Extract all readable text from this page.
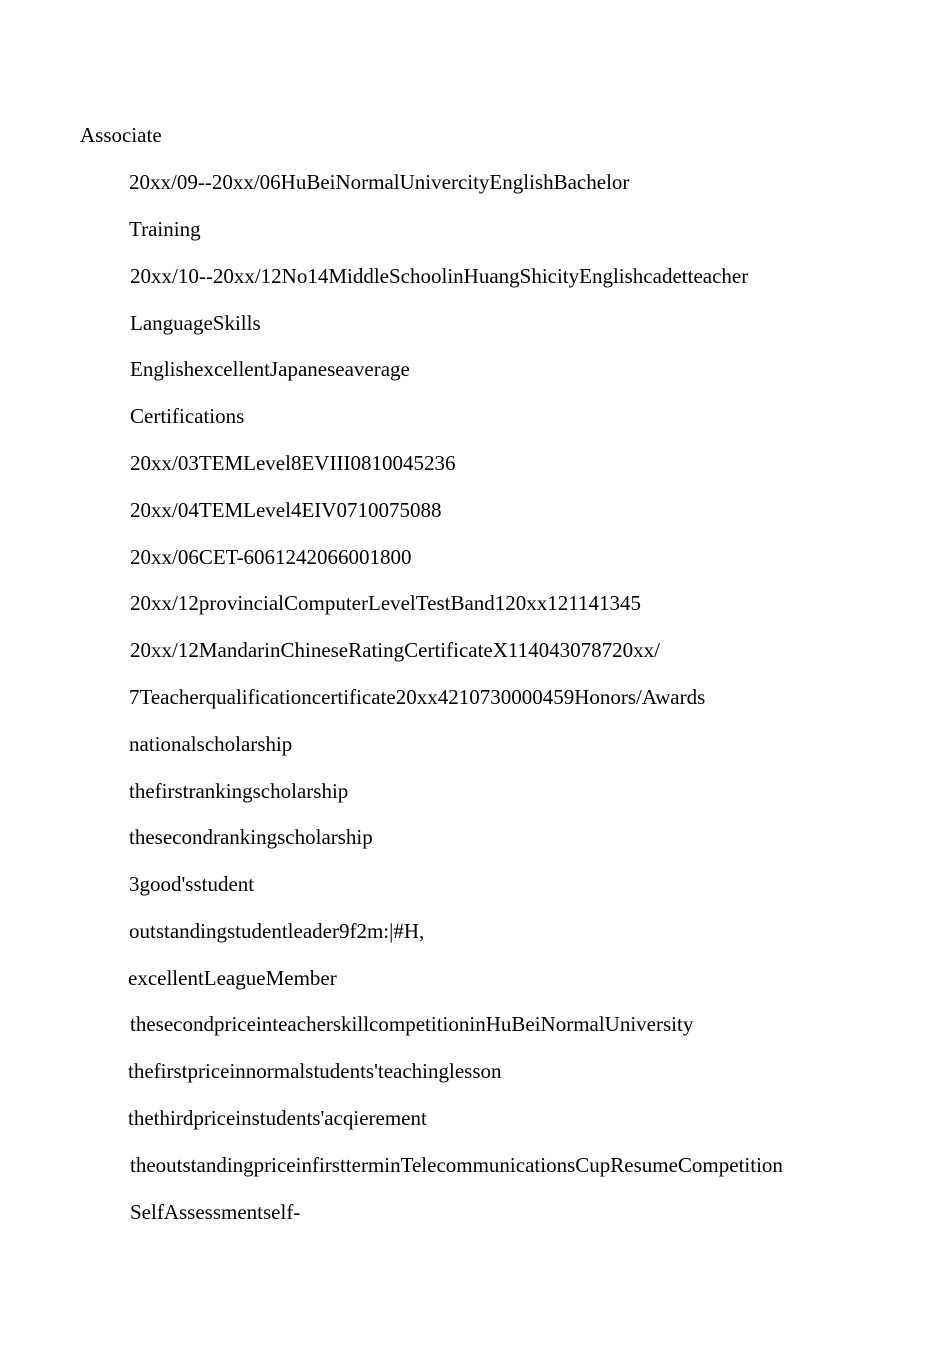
Associate
20xx/09--20xx/06HuBeiNormalUnivercityEnglishBachelor
Training
20xx/10--20xx/12No14MiddleSchoolinHuangShicityEnglishcadetteacher
LanguageSkills
EnglishexcellentJapaneseaverage
Certifications
20xx/03TEMLevel8EVIII0810045236
20xx/04TEMLevel4EIV0710075088
20xx/06CET-6061242066001800
20xx/12provincialComputerLevelTestBand120xx121141345
20xx/12MandarinChineseRatingCertificateX114043078720xx/
7Teacherqualificationcertificate20xx4210730000459Honors/Awards
nationalscholarship
thefirstrankingscholarship
thesecondrankingscholarship
3good'sstudent
outstandingstudentleader9f2m:|#H,
excellentLeagueMember
thesecondpriceinteacherskillcompetitioninHuBeiNormalUniversity
thefirstpriceinnormalstudents'teachinglesson
thethirdpriceinstudents'acqierement
theoutstandingpriceinfirstterminTelecommunicationsCupResumeCompetition
SelfAssessmentself-
